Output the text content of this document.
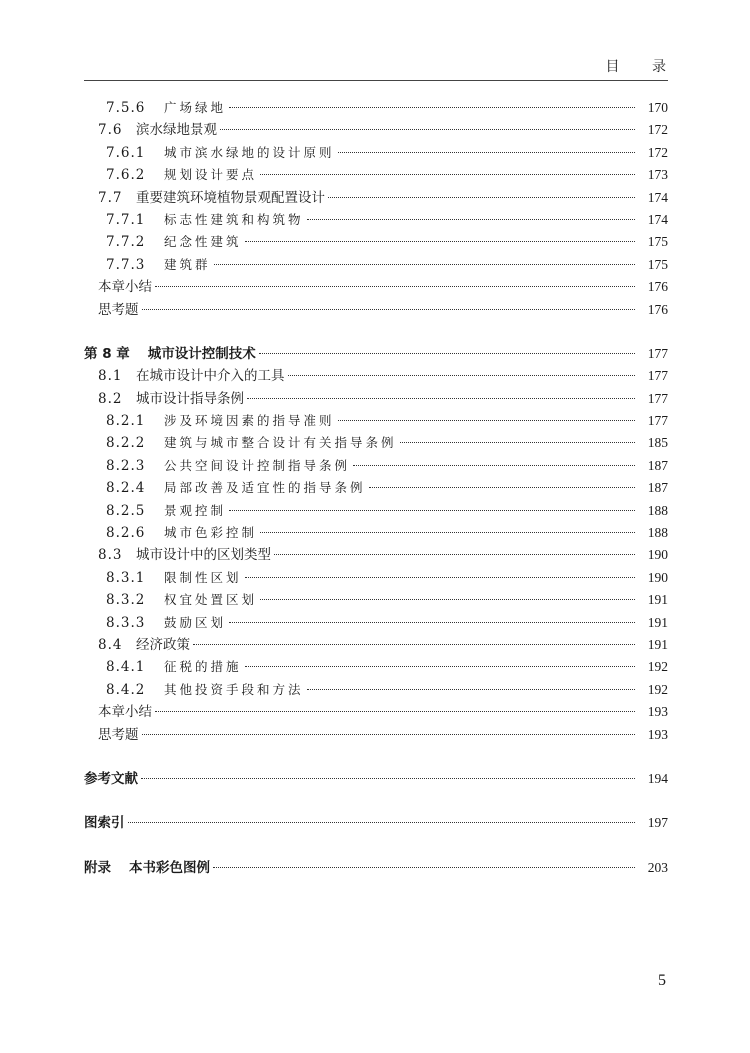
目 录
7.5.6	广场绿地	170
7.6	滨水绿地景观	172
7.6.1	城市滨水绿地的设计原则	172
7.6.2	规划设计要点	173
7.7	重要建筑环境植物景观配置设计	174
7.7.1	标志性建筑和构筑物	174
7.7.2	纪念性建筑	175
7.7.3	建筑群	175
本章小结	176
思考题	176
第 8 章 城市设计控制技术	177
8.1	在城市设计中介入的工具	177
8.2	城市设计指导条例	177
8.2.1	涉及环境因素的指导准则	177
8.2.2	建筑与城市整合设计有关指导条例	185
8.2.3	公共空间设计控制指导条例	187
8.2.4	局部改善及适宜性的指导条例	187
8.2.5	景观控制	188
8.2.6	城市色彩控制	188
8.3	城市设计中的区划类型	190
8.3.1	限制性区划	190
8.3.2	权宜处置区划	191
8.3.3	鼓励区划	191
8.4	经济政策	191
8.4.1	征税的措施	192
8.4.2	其他投资手段和方法	192
本章小结	193
思考题	193
参考文献	194
图索引	197
附录 本书彩色图例	203
5
